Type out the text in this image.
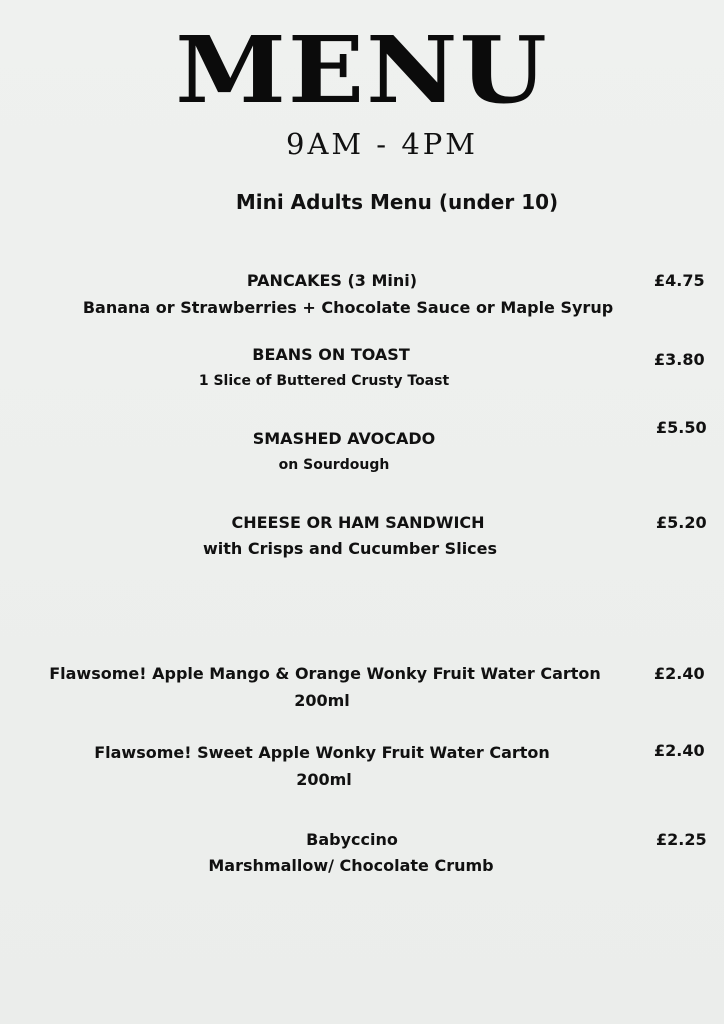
MENU
9AM - 4PM
Mini Adults Menu (under 10)
PANCAKES (3 Mini)
Banana or Strawberries + Chocolate Sauce or Maple Syrup
£4.75
BEANS ON TOAST
1 Slice of Buttered Crusty Toast
£3.80
SMASHED AVOCADO
on Sourdough
£5.50
CHEESE OR HAM SANDWICH
with Crisps and Cucumber Slices
£5.20
Flawsome! Apple Mango & Orange Wonky Fruit Water Carton
200ml
£2.40
Flawsome! Sweet Apple Wonky Fruit Water Carton
200ml
£2.40
Babyccino
Marshmallow/ Chocolate Crumb
£2.25
